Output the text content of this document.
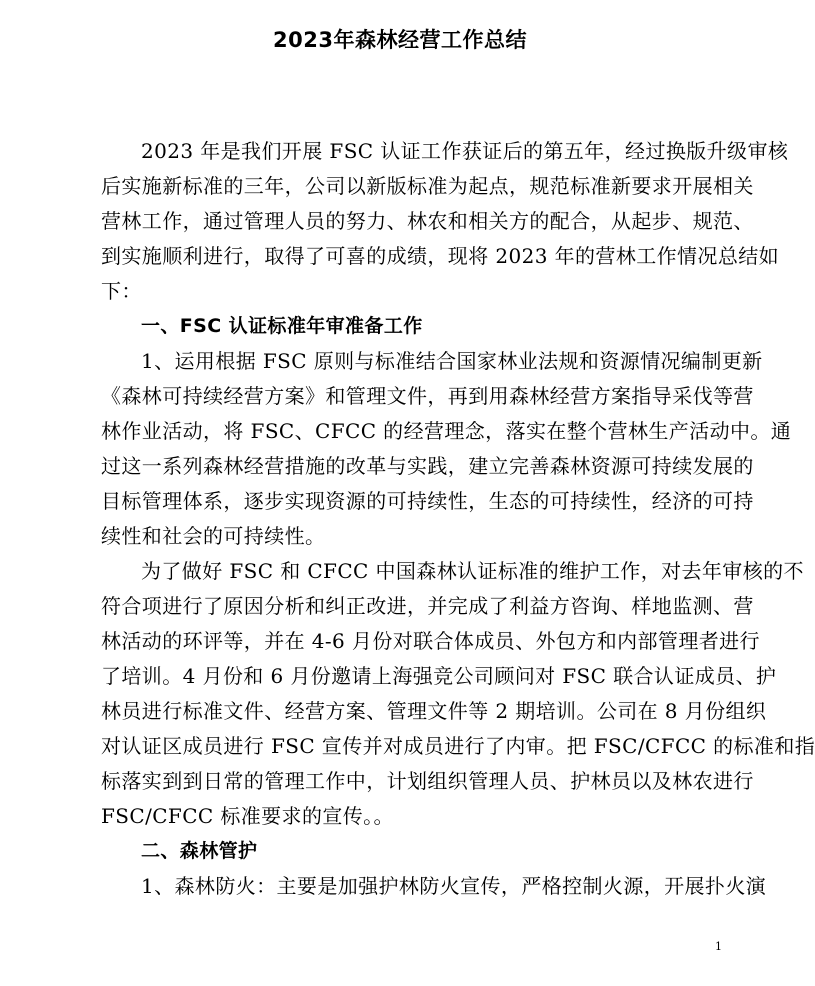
2023年森林经营工作总结
2023 年是我们开展 FSC 认证工作获证后的第五年，经过换版升级审核
后实施新标准的三年，公司以新版标准为起点，规范标准新要求开展相关
营林工作，通过管理人员的努力、林农和相关方的配合，从起步、规范、
到实施顺利进行，取得了可喜的成绩，现将 2023 年的营林工作情况总结如
下：
一、FSC 认证标准年审准备工作
1、运用根据 FSC 原则与标准结合国家林业法规和资源情况编制更新
《森林可持续经营方案》和管理文件，再到用森林经营方案指导采伐等营
林作业活动，将 FSC、CFCC 的经营理念，落实在整个营林生产活动中。通
过这一系列森林经营措施的改革与实践，建立完善森林资源可持续发展的
目标管理体系，逐步实现资源的可持续性，生态的可持续性，经济的可持
续性和社会的可持续性。
为了做好 FSC 和 CFCC 中国森林认证标准的维护工作，对去年审核的不
符合项进行了原因分析和纠正改进，并完成了利益方咨询、样地监测、营
林活动的环评等，并在 4-6 月份对联合体成员、外包方和内部管理者进行
了培训。4 月份和 6 月份邀请上海强竞公司顾问对 FSC 联合认证成员、护
林员进行标准文件、经营方案、管理文件等 2 期培训。公司在 8 月份组织
对认证区成员进行 FSC 宣传并对成员进行了内审。把 FSC/CFCC 的标准和指
标落实到到日常的管理工作中，计划组织管理人员、护林员以及林农进行
FSC/CFCC 标准要求的宣传。。
二、森林管护
1、森林防火：主要是加强护林防火宣传，严格控制火源，开展扑火演
1
